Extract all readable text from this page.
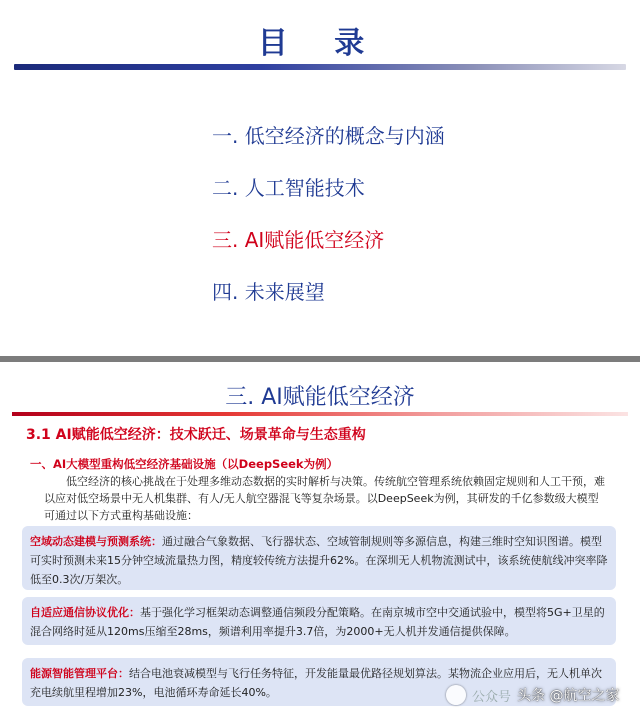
目 录
一. 低空经济的概念与内涵
二. 人工智能技术
三. AI赋能低空经济
四. 未来展望
三. AI赋能低空经济
3.1 AI赋能低空经济：技术跃迁、场景革命与生态重构
一、AI大模型重构低空经济基础设施（以DeepSeek为例）
低空经济的核心挑战在于处理多维动态数据的实时解析与决策。传统航空管理系统依赖固定规则和人工干预，难以应对低空场景中无人机集群、有人/无人航空器混飞等复杂场景。以DeepSeek为例，其研发的千亿参数级大模型可通过以下方式重构基础设施：
空域动态建模与预测系统：通过融合气象数据、飞行器状态、空域管制规则等多源信息，构建三维时空知识图谱。模型可实时预测未来15分钟空域流量热力图，精度较传统方法提升62%。在深圳无人机物流测试中，该系统使航线冲突率降低至0.3次/万架次。
自适应通信协议优化：基于强化学习框架动态调整通信频段分配策略。在南京城市空中交通试验中，模型将5G+卫星的混合网络时延从120ms压缩至28ms，频谱利用率提升3.7倍，为2000+无人机并发通信提供保障。
能源智能管理平台：结合电池衰减模型与飞行任务特征，开发能量最优路径规划算法。某物流企业应用后，无人机单次充电续航里程增加23%，电池循环寿命延长40%。	公众号 头条 @航空之家
